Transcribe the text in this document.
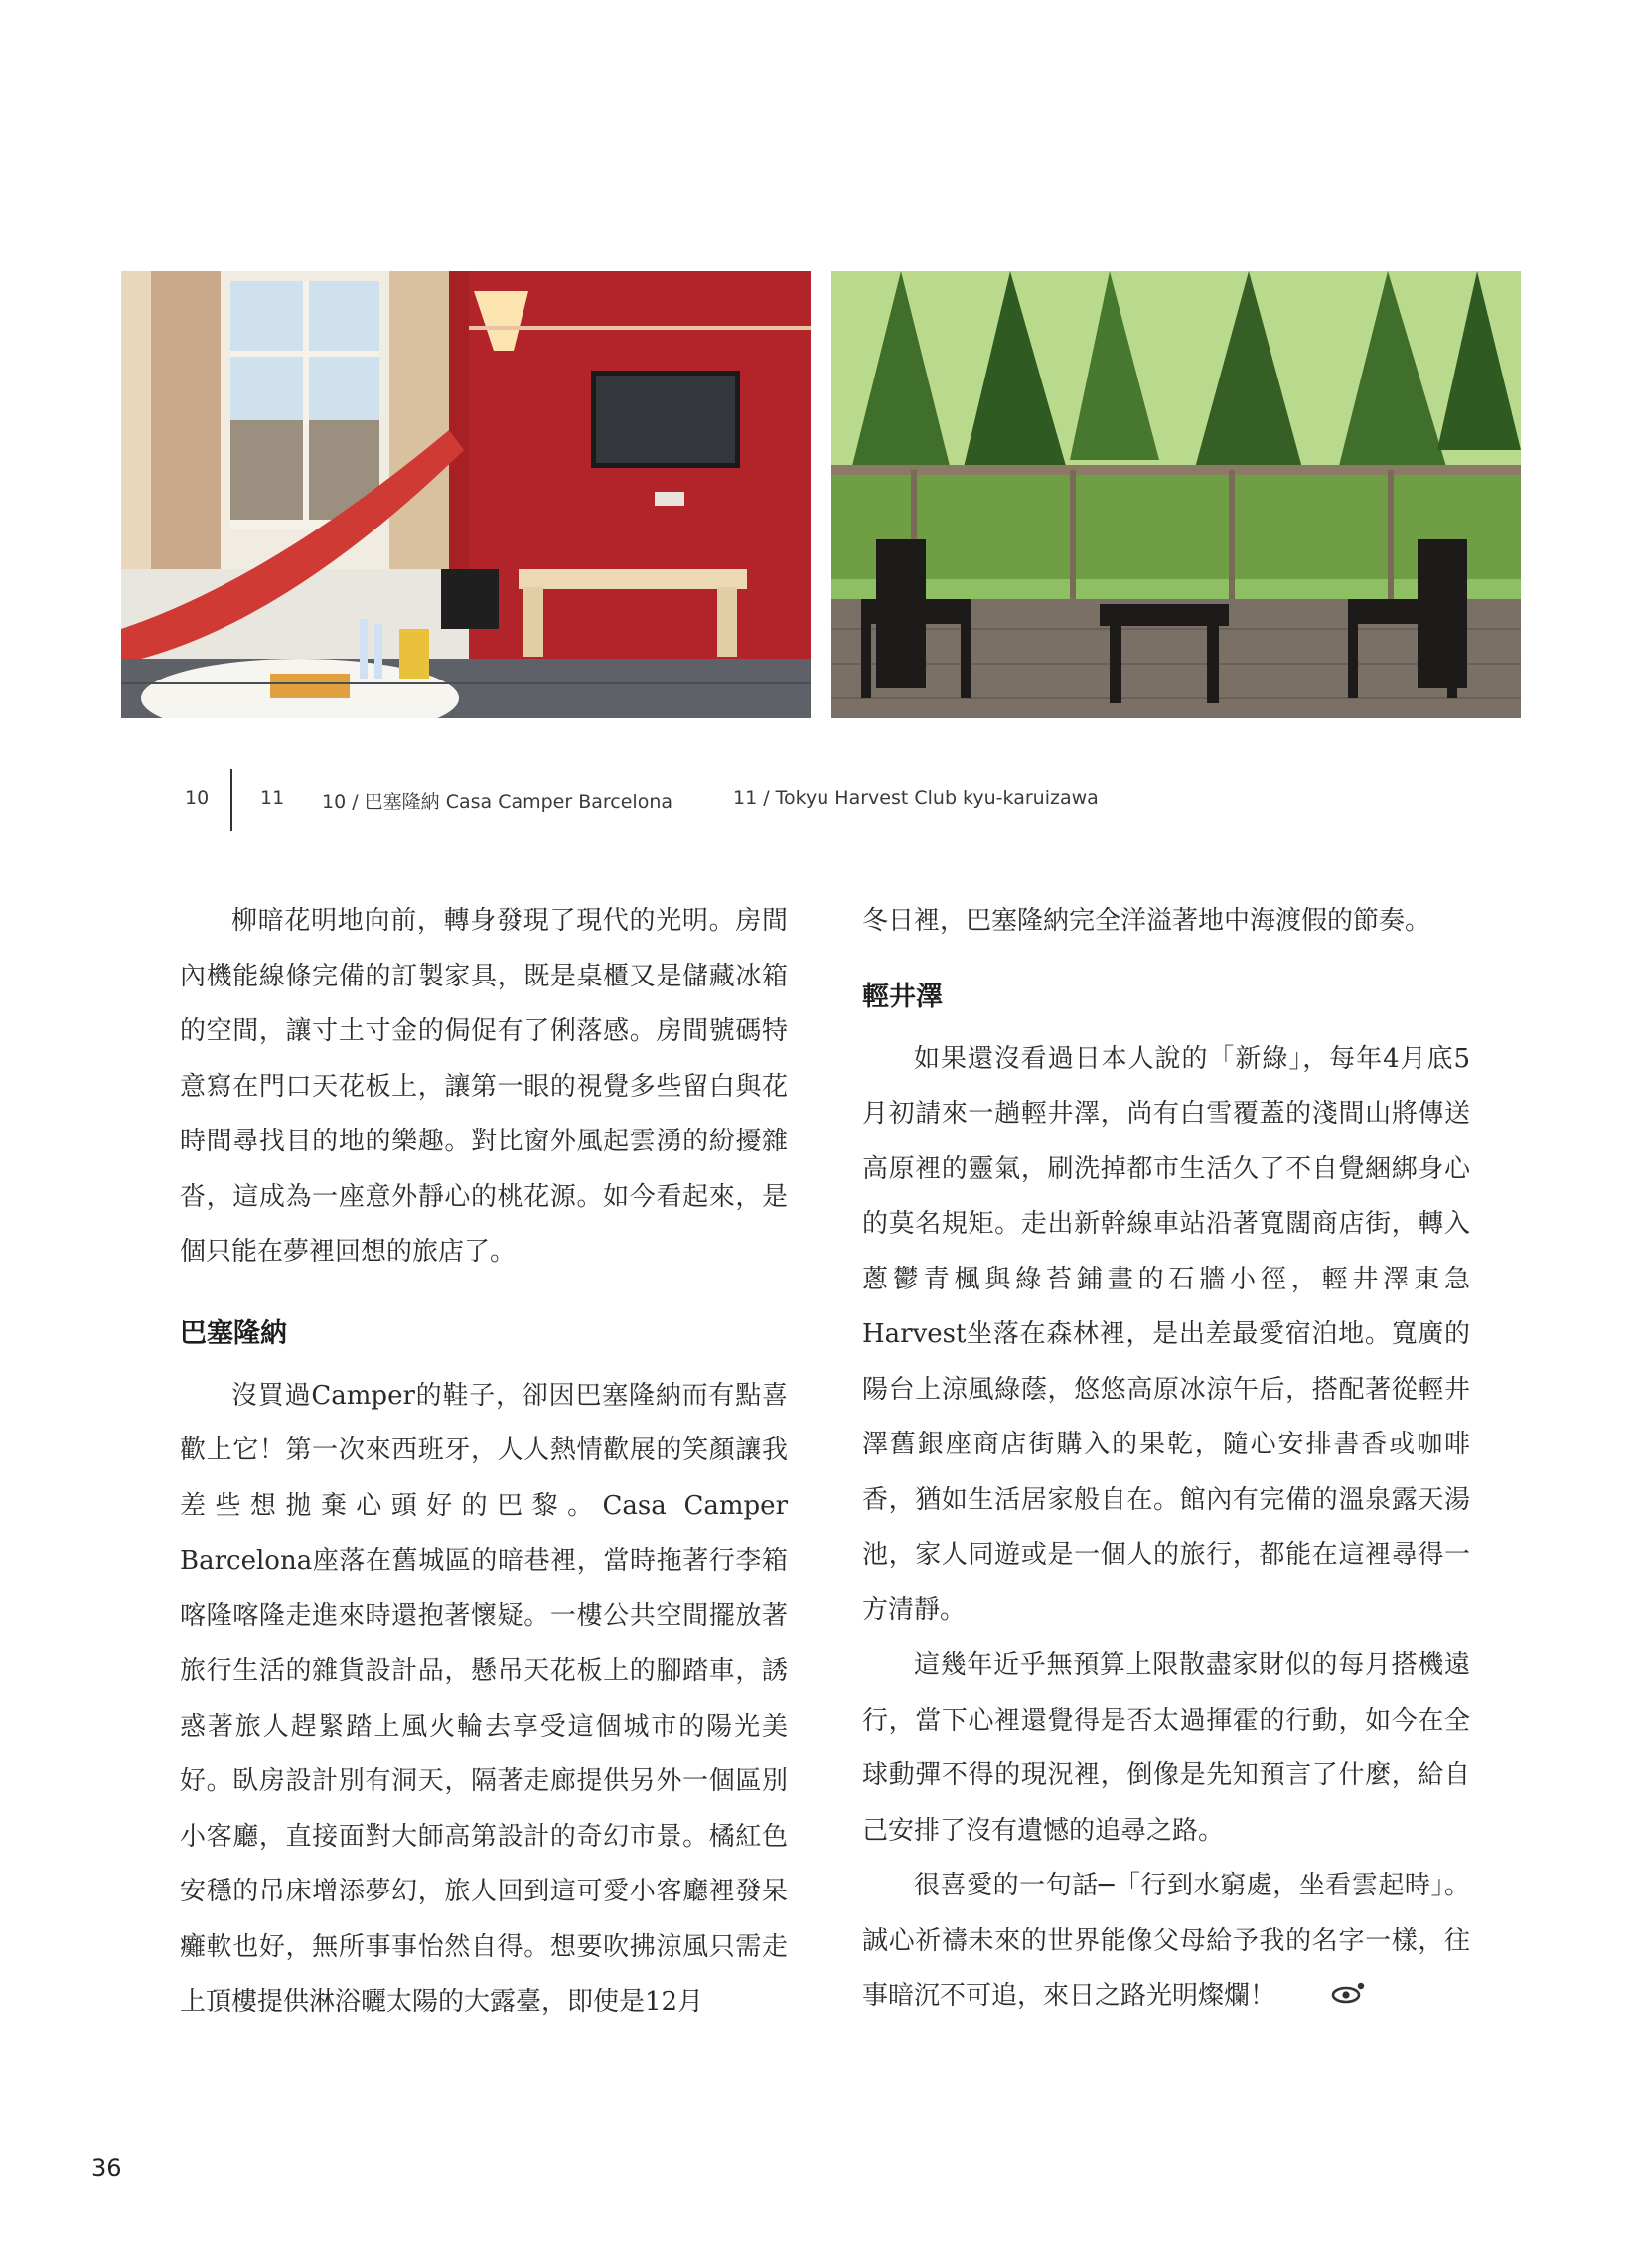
10	11 10 / 巴塞隆納 Casa Camper Barcelona	11 / Tokyu Harvest Club kyu-karuizawa

柳暗花明地向前，轉身發現了現代的光明。房間內機能線條完備的訂製家具，既是桌櫃又是儲藏冰箱的空間，讓寸土寸金的侷促有了俐落感。房間號碼特意寫在門口天花板上，讓第一眼的視覺多些留白與花時間尋找目的地的樂趣。對比窗外風起雲湧的紛擾雜沓，這成為一座意外靜心的桃花源。如今看起來，是個只能在夢裡回想的旅店了。

巴塞隆納

沒買過Camper的鞋子，卻因巴塞隆納而有點喜歡上它！第一次來西班牙，人人熱情歡展的笑顏讓我差些想拋棄心頭好的巴黎。Casa Camper Barcelona座落在舊城區的暗巷裡，當時拖著行李箱喀隆喀隆走進來時還抱著懷疑。一樓公共空間擺放著旅行生活的雜貨設計品，懸吊天花板上的腳踏車，誘惑著旅人趕緊踏上風火輪去享受這個城市的陽光美好。臥房設計別有洞天，隔著走廊提供另外一個區別小客廳，直接面對大師高第設計的奇幻市景。橘紅色安穩的吊床增添夢幻，旅人回到這可愛小客廳裡發呆癱軟也好，無所事事怡然自得。想要吹拂涼風只需走上頂樓提供淋浴曬太陽的大露臺，即使是12月

冬日裡，巴塞隆納完全洋溢著地中海渡假的節奏。

輕井澤

如果還沒看過日本人說的「新綠」，每年4月底5月初請來一趟輕井澤，尚有白雪覆蓋的淺間山將傳送高原裡的靈氣，刷洗掉都市生活久了不自覺綑綁身心的莫名規矩。走出新幹線車站沿著寬闊商店街，轉入蔥鬱青楓與綠苔鋪畫的石牆小徑，輕井澤東急 Harvest坐落在森林裡，是出差最愛宿泊地。寬廣的陽台上涼風綠蔭，悠悠高原冰涼午后，搭配著從輕井澤舊銀座商店街購入的果乾，隨心安排書香或咖啡香，猶如生活居家般自在。館內有完備的溫泉露天湯池，家人同遊或是一個人的旅行，都能在這裡尋得一方清靜。

這幾年近乎無預算上限散盡家財似的每月搭機遠行，當下心裡還覺得是否太過揮霍的行動，如今在全球動彈不得的現況裡，倒像是先知預言了什麼，給自己安排了沒有遺憾的追尋之路。

很喜愛的一句話─「行到水窮處，坐看雲起時」。誠心祈禱未來的世界能像父母給予我的名字一樣，往事暗沉不可追，來日之路光明燦爛！

36
